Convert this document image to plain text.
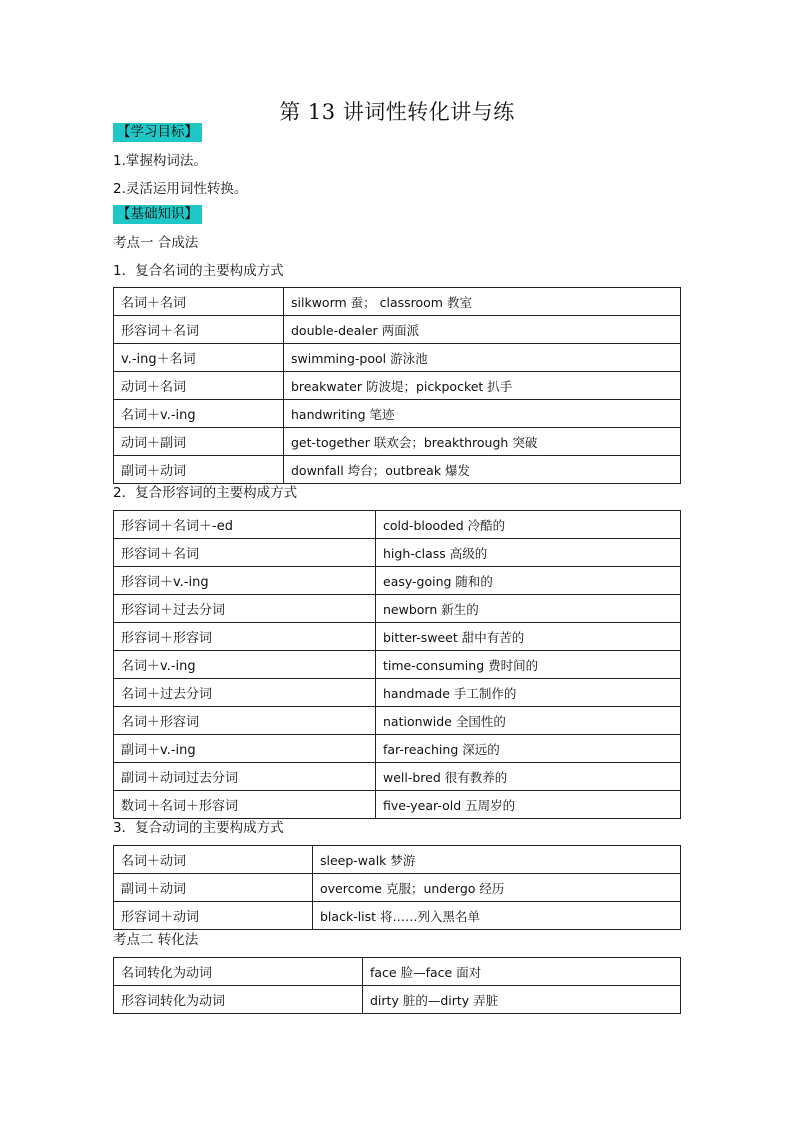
第 13 讲词性转化讲与练
【学习目标】
1.掌握构词法。
2.灵活运用词性转换。
【基础知识】
考点一 合成法
1．复合名词的主要构成方式
名词＋名词	silkworm 蚕； classroom 教室
形容词＋名词	double-dealer 两面派
v.-ing＋名词	swimming-pool 游泳池
动词＋名词	breakwater 防波堤；pickpocket 扒手
名词＋v.-ing	handwriting 笔迹
动词＋副词	get-together 联欢会；breakthrough 突破
副词＋动词	downfall 垮台；outbreak 爆发
2．复合形容词的主要构成方式
形容词＋名词＋-ed	cold-blooded 冷酷的
形容词＋名词	high-class 高级的
形容词＋v.-ing	easy-going 随和的
形容词＋过去分词	newborn 新生的
形容词＋形容词	bitter-sweet 甜中有苦的
名词＋v.-ing	time-consuming 费时间的
名词＋过去分词	handmade 手工制作的
名词＋形容词	nationwide 全国性的
副词＋v.-ing	far-reaching 深远的
副词＋动词过去分词	well-bred 很有教养的
数词＋名词＋形容词	five-year-old 五周岁的
3．复合动词的主要构成方式
名词＋动词	sleep-walk 梦游
副词＋动词	overcome 克服；undergo 经历
形容词＋动词	black-list 将……列入黑名单
考点二 转化法
名词转化为动词	face 脸—face 面对
形容词转化为动词	dirty 脏的—dirty 弄脏
